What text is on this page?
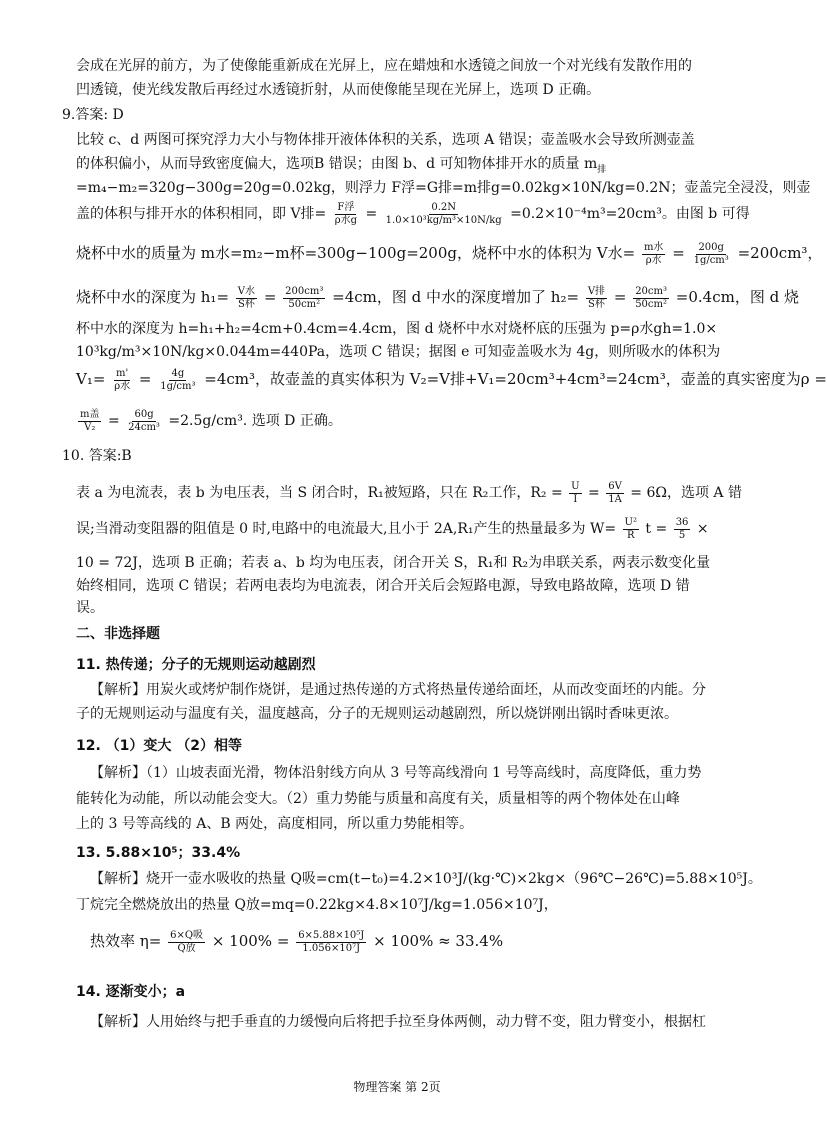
会成在光屏的前方，为了使像能重新成在光屏上，应在蜡烛和水透镜之间放一个对光线有发散作用的
凹透镜，使光线发散后再经过水透镜折射，从而使像能呈现在光屏上，选项 D 正确。
9.答案: D
比较 c、d 两图可探究浮力大小与物体排开液体体积的关系，选项 A 错误；壶盖吸水会导致所测壶盖
的体积偏小，从而导致密度偏大，选项B 错误；由图 b、d 可知物体排开水的质量 $m_排$
=m₄−m₂=320g−300g=20g=0.02kg，则浮力 F浮=G排=m排g=0.02kg×10N/kg=0.2N；壶盖完全浸没，则壶
盖的体积与排开水的体积相同，即 V排= $\frac{\text{F浮}}{\text{ρ水g}} = \frac{0.2N}{\text{1.0×10³kg/m³×10N/kg}} =0.2\times 10^{-4}m^3=20cm^3$。由图 b 可得
烧杯中水的质量为 m水=m₂−m杯=300g−100g=200g，烧杯中水的体积为 V水= $\frac{\text{m水}}{\text{ρ水}} = \frac{200g}{\text{1g/cm³}} =200cm^3$，
烧杯中水的深度为 $h_1= \frac{\text{V水}}{\text{S杯}} = \frac{\text{200cm³}}{\text{50cm²}} =4cm$，图 d 中水的深度增加了 $h_2= \frac{\text{V排}}{\text{S杯}} = \frac{\text{20cm³}}{\text{50cm²}} =0.4cm$，图 d 烧
杯中水的深度为 h=h₁+h₂=4cm+0.4cm=4.4cm，图 d 烧杯中水对烧杯底的压强为 p=ρ水gh=1.0×
10³kg/m³×10N/kg×0.044m=440Pa，选项 C 错误；据图 e 可知壶盖吸水为 4g，则所吸水的体积为
$V_1= \frac{m'}{\text{ρ水}} = \frac{4g}{\text{1g/cm³}} =4cm^3$，故壶盖的真实体积为 V₂=V排+V₁=20cm³+4cm³=24cm³，壶盖的真实密度为ρ =
$\frac{\text{m盖}}{\text{V₂}} = \frac{60g}{\text{24cm³}} =2.5g/cm^3$. 选项 D 正确。
10. 答案:B
表 a 为电流表，表 b 为电压表，当 S 闭合时，R₁被短路，只在 R₂工作，$R_2 = \frac{U}{I} = \frac{6V}{1A} = 6\Omega$，选项 A 错
误;当滑动变阻器的阻值是 0 时,电路中的电流最大,且小于 2A,R₁产生的热量最多为 $W= \frac{\text{U²}}{R}$ $t = \frac{36}{5}$ ×
10 = 72J，选项 B 正确；若表 a、b 均为电压表，闭合开关 S，R₁和 R₂为串联关系，两表示数变化量
始终相同，选项 C 错误；若两电表均为电流表，闭合开关后会短路电源，导致电路故障，选项 D 错
误。
二、非选择题
11. 热传递；分子的无规则运动越剧烈
【解析】用炭火或烤炉制作烧饼，是通过热传递的方式将热量传递给面坯，从而改变面坯的内能。分
子的无规则运动与温度有关，温度越高，分子的无规则运动越剧烈，所以烧饼刚出锅时香味更浓。
12. （1）变大 （2）相等
【解析】（1）山坡表面光滑，物体沿射线方向从 3 号等高线滑向 1 号等高线时，高度降低，重力势
能转化为动能，所以动能会变大。（2）重力势能与质量和高度有关，质量相等的两个物体处在山峰
上的 3 号等高线的 A、B 两处，高度相同，所以重力势能相等。
13. 5.88×10⁵；33.4%
【解析】烧开一壶水吸收的热量 Q吸=cm(t−t₀)=4.2×10³J/(kg·℃)×2kg×（96℃−26℃)=5.88×10⁵J。
丁烷完全燃烧放出的热量 Q放=mq=0.22kg×4.8×10⁷J/kg=1.056×10⁷J，
热效率 $\eta= \frac{\text{6×Q吸}}{\text{Q放}} \times 100\% = \frac{\text{6×5.88×10⁵J}}{\text{1.056×10⁷J}} \times 100\% \approx 33.4\%$
14. 逐渐变小；a
【解析】人用始终与把手垂直的力缓慢向后将把手拉至身体两侧，动力臂不变，阻力臂变小，根据杠
物理答案 第 2页
